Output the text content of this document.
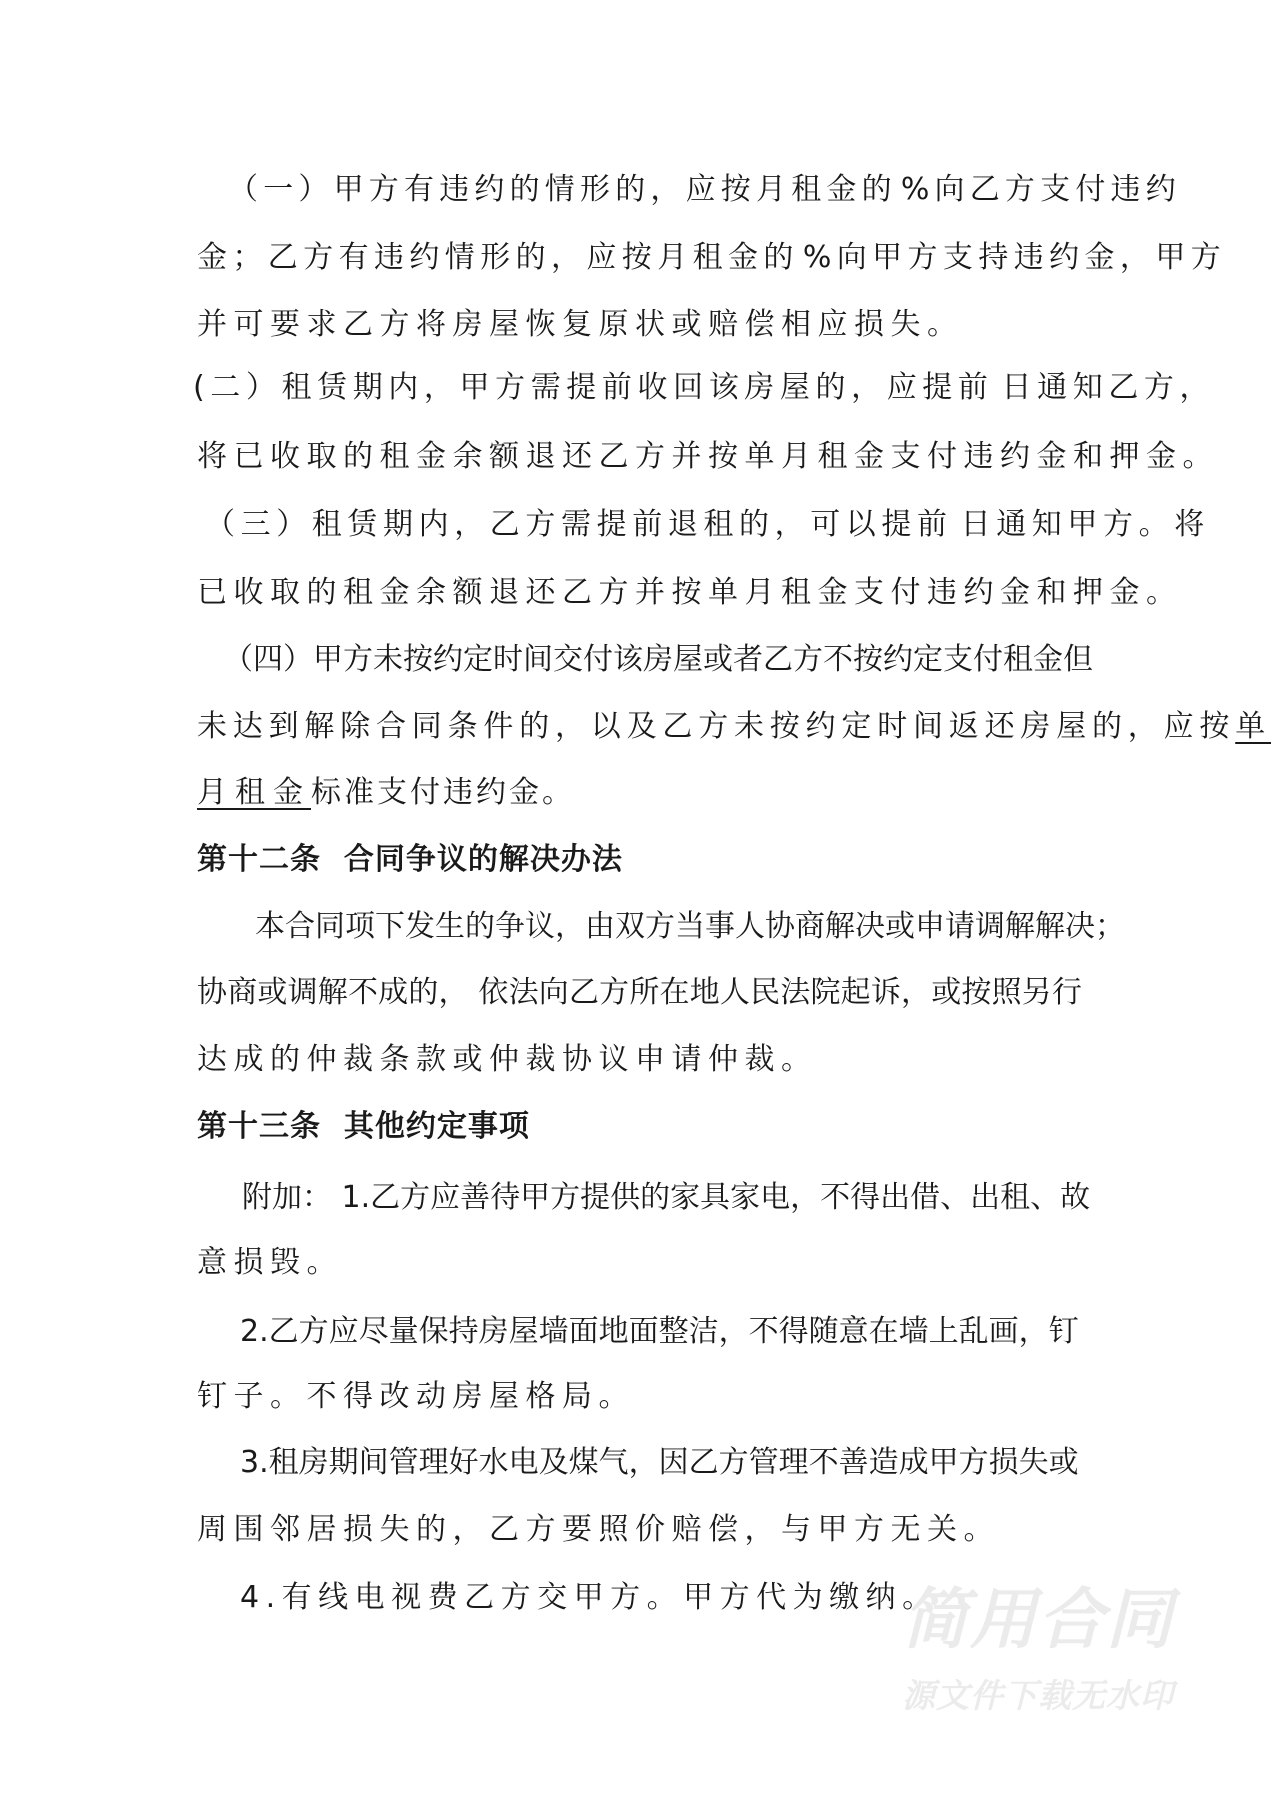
（一）甲方有违约的情形的，应按月租金的 %向乙方支付违约
金；乙方有违约情形的，应按月租金的 %向甲方支持违约金，甲方
并可要求乙方将房屋恢复原状或赔偿相应损失。
(二）租赁期内，甲方需提前收回该房屋的，应提前 日通知乙方，
将已收取的租金余额退还乙方并按单月租金支付违约金和押金。
（三）租赁期内，乙方需提前退租的，可以提前 日通知甲方。将
已收取的租金余额退还乙方并按单月租金支付违约金和押金。
（四）甲方未按约定时间交付该房屋或者乙方不按约定支付租金但
未达到解除合同条件的，以及乙方未按约定时间返还房屋的，应按 单
月租金标准支付违约金。
第十二条  合同争议的解决办法
本合同项下发生的争议，由双方当事人协商解决或申请调解解决；
协商或调解不成的， 依法向乙方所在地人民法院起诉，或按照另行
达成的仲裁条款或仲裁协议申请仲裁。
第十三条  其他约定事项
附加： 1.乙方应善待甲方提供的家具家电，不得出借、出租、故
意损毁。
2.乙方应尽量保持房屋墙面地面整洁，不得随意在墙上乱画，钉
钉子。不得改动房屋格局。
3.租房期间管理好水电及煤气，因乙方管理不善造成甲方损失或
周围邻居损失的，乙方要照价赔偿，与甲方无关。
4.有线电视费乙方交甲方。甲方代为缴纳。
简用合同
源文件下载无水印
